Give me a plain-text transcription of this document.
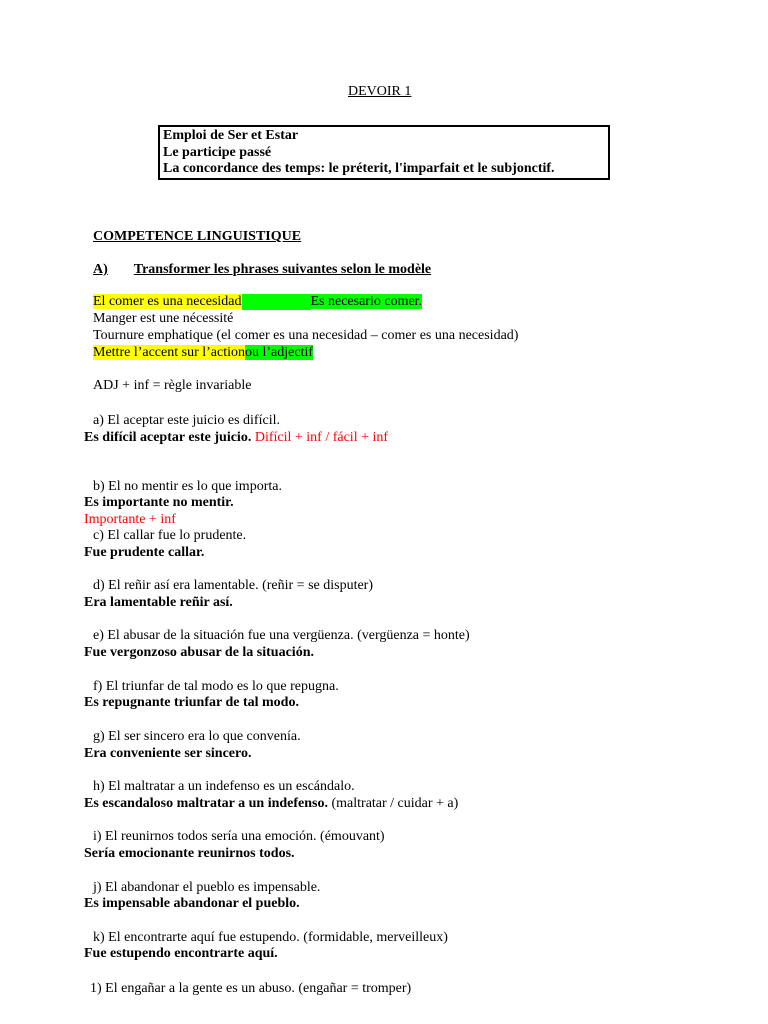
DEVOIR 1
Emploi de Ser et Estar
Le participe passé
La concordance des temps: le préterit, l'imparfait et le subjonctif.
COMPETENCE LINGUISTIQUE
A) Transformer les phrases suivantes selon le modèle
El comer es una necesidad	Es necesario comer.
Manger est une nécessité
Tournure emphatique (el comer es una necesidad – comer es una necesidad)
Mettre l’accent sur l’actionou l’adjectif
ADJ + inf = règle invariable
a) El aceptar este juicio es difícil.
Es difícil aceptar este juicio. Difícil + inf / fácil + inf
b) El no mentir es lo que importa.
Es importante no mentir.
Importante + inf
c) El callar fue lo prudente.
Fue prudente callar.
d) El reñir así era lamentable. (reñir = se disputer)
Era lamentable reñir así.
e) El abusar de la situación fue una vergüenza. (vergüenza = honte)
Fue vergonzoso abusar de la situación.
f) El triunfar de tal modo es lo que repugna.
Es repugnante triunfar de tal modo.
g) El ser sincero era lo que convenía.
Era conveniente ser sincero.
h) El maltratar a un indefenso es un escándalo.
Es escandaloso maltratar a un indefenso. (maltratar / cuidar + a)
i) El reunirnos todos sería una emoción. (émouvant)
Sería emocionante reunirnos todos.
j) El abandonar el pueblo es impensable.
Es impensable abandonar el pueblo.
k) El encontrarte aquí fue estupendo. (formidable, merveilleux)
Fue estupendo encontrarte aquí.
1) El engañar a la gente es un abuso. (engañar = tromper)
